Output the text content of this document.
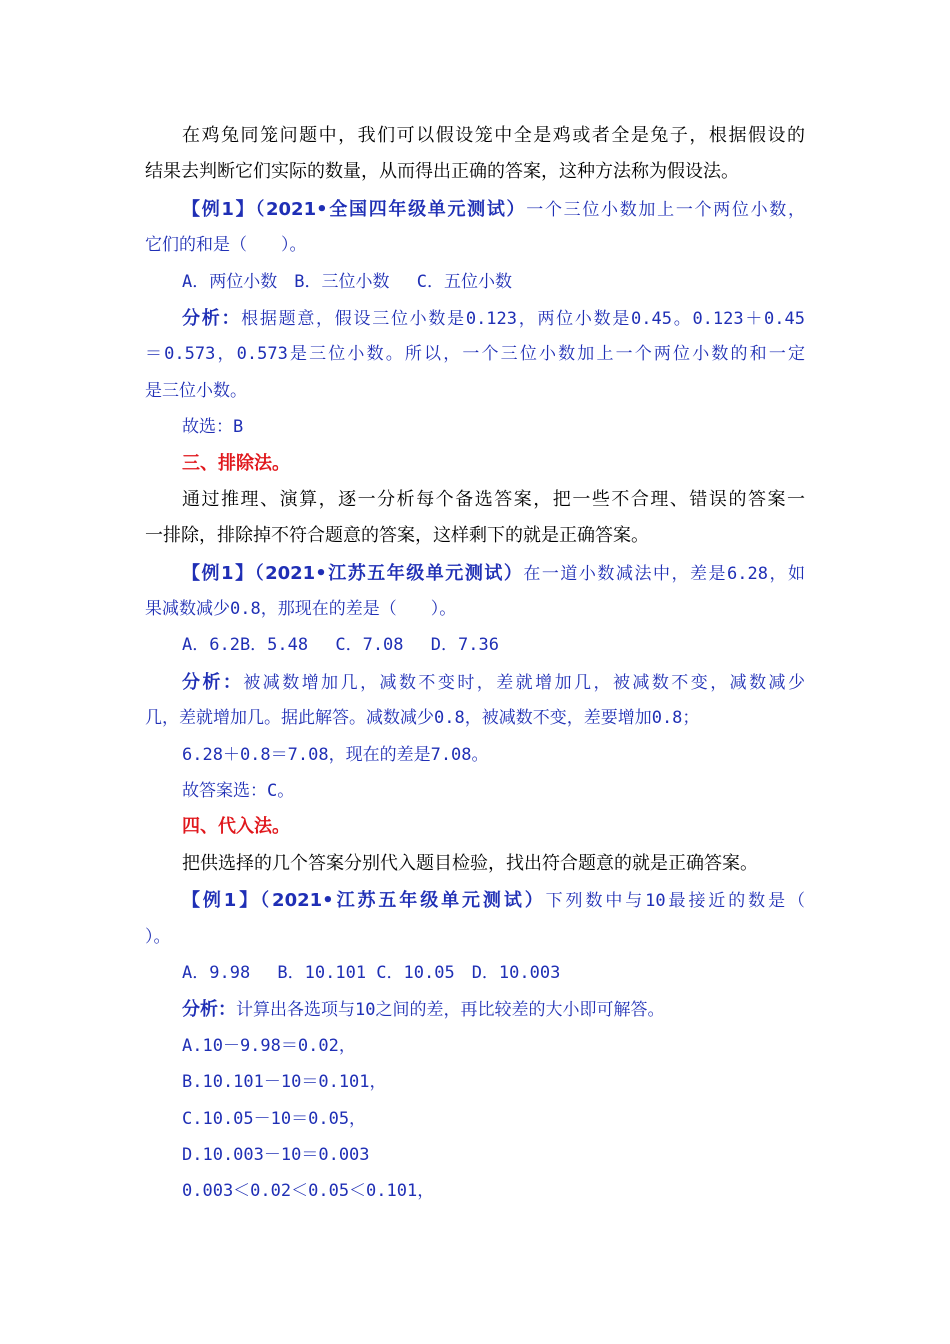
在鸡兔同笼问题中，我们可以假设笼中全是鸡或者全是兔子，根据假设的
结果去判断它们实际的数量，从而得出正确的答案，这种方法称为假设法。
【例1】（2021•全国四年级单元测试）一个三位小数加上一个两位小数，
它们的和是（　　）。
A．两位小数　B．三位小数　 C．五位小数
分析：根据题意，假设三位小数是0.123，两位小数是0.45。0.123＋0.45
＝0.573，0.573是三位小数。所以，一个三位小数加上一个两位小数的和一定
是三位小数。
故选：B
三、排除法。
通过推理、演算，逐一分析每个备选答案，把一些不合理、错误的答案一
一排除，排除掉不符合题意的答案，这样剩下的就是正确答案。
【例1】（2021•江苏五年级单元测试）在一道小数减法中，差是6.28，如
果减数减少0.8，那现在的差是（　　）。
A．6.2B．5.48　 C．7.08　 D．7.36
分析：被减数增加几，减数不变时，差就增加几，被减数不变，减数减少
几，差就增加几。据此解答。减数减少0.8，被减数不变，差要增加0.8；
6.28＋0.8＝7.08，现在的差是7.08。
故答案选：C。
四、代入法。
把供选择的几个答案分别代入题目检验，找出符合题意的就是正确答案。
【例1】（2021•江苏五年级单元测试）下列数中与10最接近的数是（
）。
A．9.98　 B．10.101 C．10.05　D．10.003
分析：计算出各选项与10之间的差，再比较差的大小即可解答。
A.10－9.98＝0.02，
B.10.101－10＝0.101，
C.10.05－10＝0.05，
D.10.003－10＝0.003
0.003＜0.02＜0.05＜0.101，
